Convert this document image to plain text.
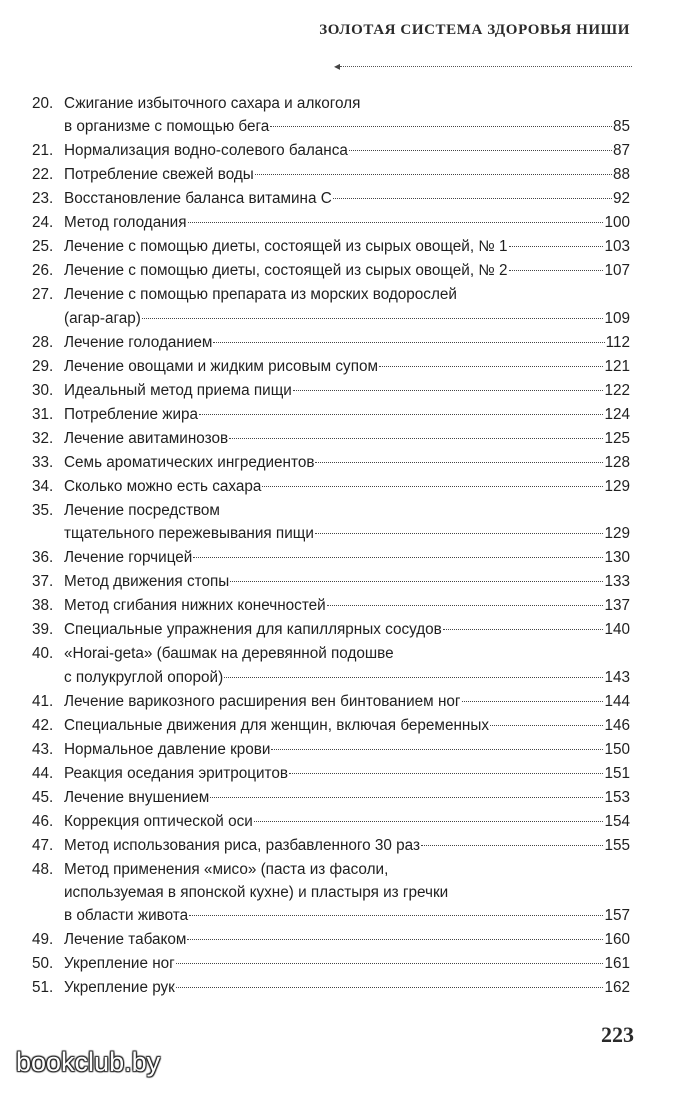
ЗОЛОТАЯ СИСТЕМА ЗДОРОВЬЯ НИШИ
◂
20. Сжигание избыточного сахара и алкоголя
в организме с помощью бега	85
21. Нормализация водно-солевого баланса	87
22. Потребление свежей воды	88
23. Восстановление баланса витамина С	92
24. Метод голодания	100
25. Лечение с помощью диеты, состоящей из сырых овощей, № 1	103
26. Лечение с помощью диеты, состоящей из сырых овощей, № 2	107
27. Лечение с помощью препарата из морских водорослей
(агар-агар)	109
28. Лечение голоданием	112
29. Лечение овощами и жидким рисовым супом	121
30. Идеальный метод приема пищи	122
31. Потребление жира	124
32. Лечение авитаминозов	125
33. Семь ароматических ингредиентов	128
34. Сколько можно есть сахара	129
35. Лечение посредством
тщательного пережевывания пищи	129
36. Лечение горчицей	130
37. Метод движения стопы	133
38. Метод сгибания нижних конечностей	137
39. Специальные упражнения для капиллярных сосудов	140
40. «Horai-geta» (башмак на деревянной подошве
с полукруглой опорой)	143
41. Лечение варикозного расширения вен бинтованием ног	144
42. Специальные движения для женщин, включая беременных	146
43. Нормальное давление крови	150
44. Реакция оседания эритроцитов	151
45. Лечение внушением	153
46. Коррекция оптической оси	154
47. Метод использования риса, разбавленного 30 раз	155
48. Метод применения «мисо» (паста из фасоли,
используемая в японской кухне) и пластыря из гречки
в области живота	157
49. Лечение табаком	160
50. Укрепление ног	161
51. Укрепление рук	162
223
bookclub.by
